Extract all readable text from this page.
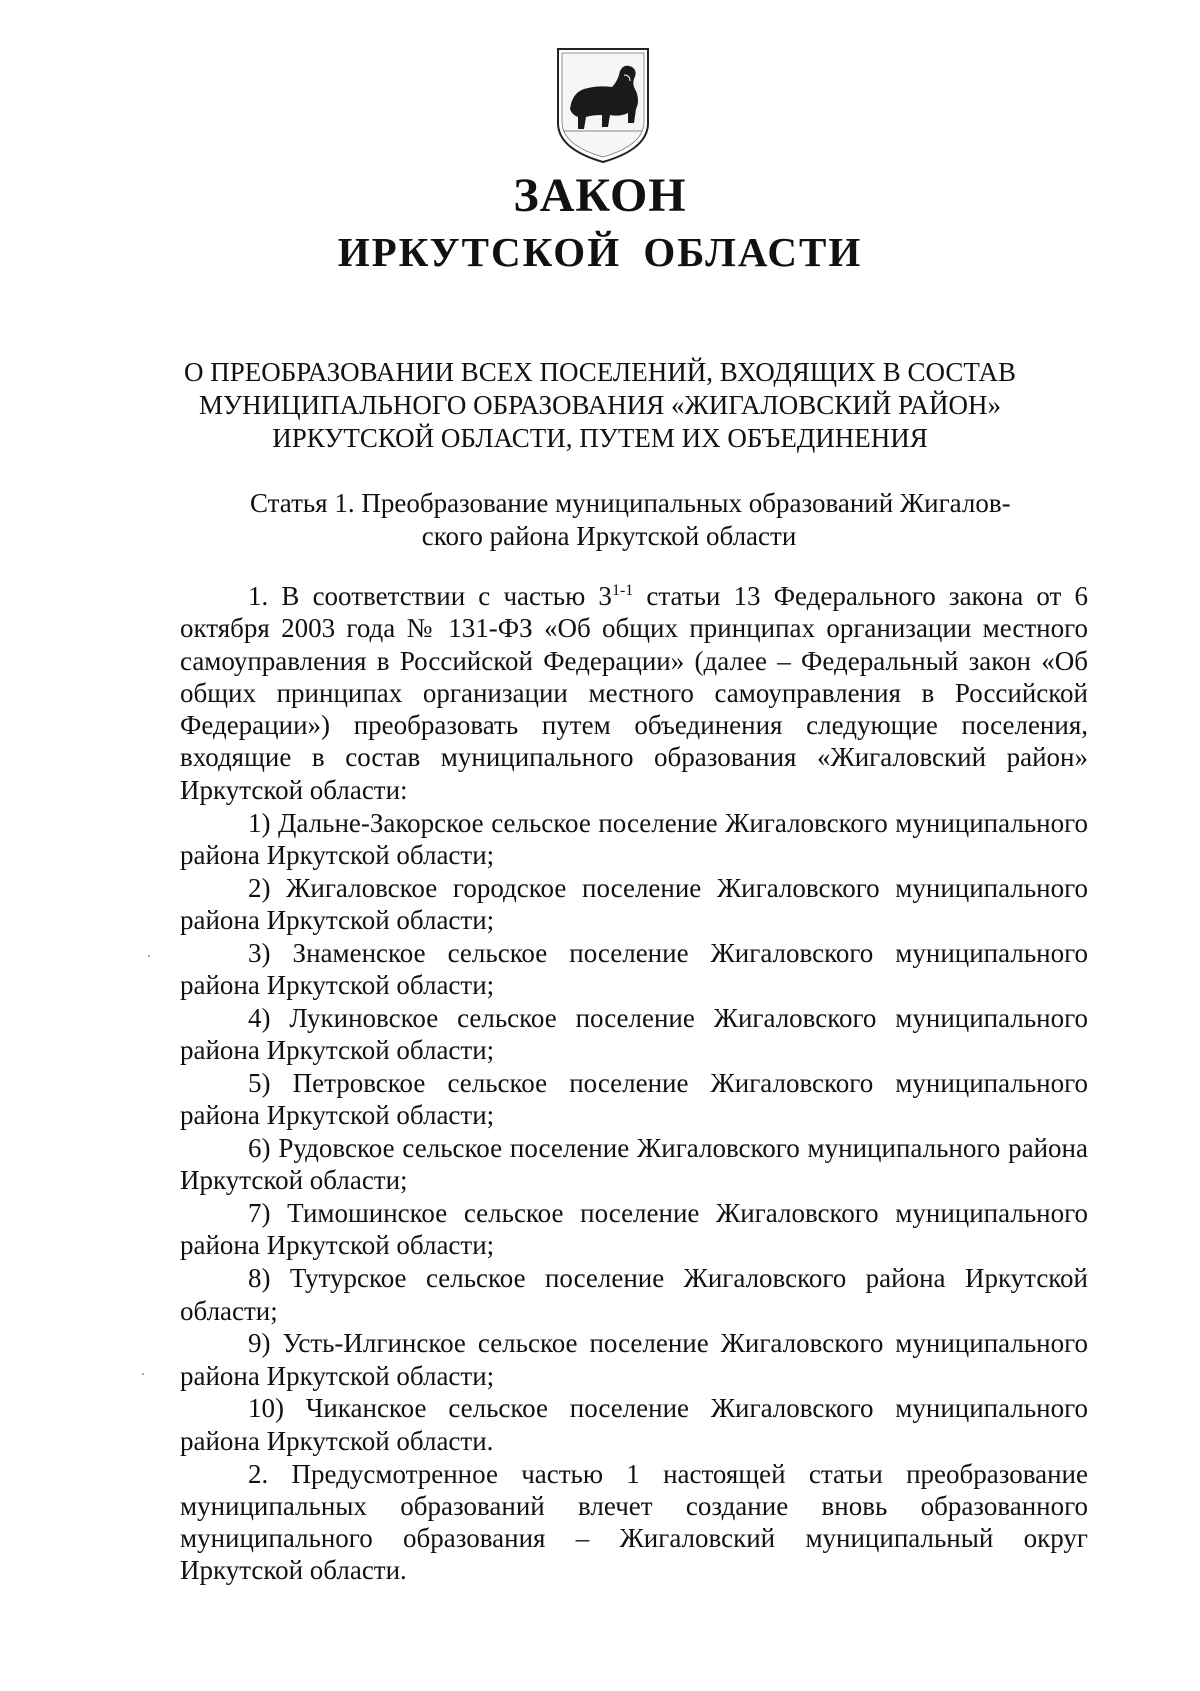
ЗАКОН
ИРКУТСКОЙ ОБЛАСТИ
О ПРЕОБРАЗОВАНИИ ВСЕХ ПОСЕЛЕНИЙ, ВХОДЯЩИХ В СОСТАВ
МУНИЦИПАЛЬНОГО ОБРАЗОВАНИЯ «ЖИГАЛОВСКИЙ РАЙОН»
ИРКУТСКОЙ ОБЛАСТИ, ПУТЕМ ИХ ОБЪЕДИНЕНИЯ
Статья 1. Преобразование муниципальных образований Жигалов-
ского района Иркутской области

1. В соответствии с частью 3$^{1-1}$ статьи 13 Федерального закона от 6 октября 2003 года № 131-ФЗ «Об общих принципах организации местного самоуправления в Российской Федерации» (далее – Федеральный закон «Об общих принципах организации местного самоуправления в Российской Федерации») преобразовать путем объединения следующие поселения, входящие в состав муниципального образования «Жигаловский район» Иркутской области:

1) Дальне-Закорское сельское поселение Жигаловского муниципального района Иркутской области;

2) Жигаловское городское поселение Жигаловского муниципального района Иркутской области;

3) Знаменское сельское поселение Жигаловского муниципального района Иркутской области;

4) Лукиновское сельское поселение Жигаловского муниципального района Иркутской области;

5) Петровское сельское поселение Жигаловского муниципального района Иркутской области;

6) Рудовское сельское поселение Жигаловского муниципального района Иркутской области;

7) Тимошинское сельское поселение Жигаловского муниципального района Иркутской области;

8) Тутурское сельское поселение Жигаловского района Иркутской области;

9) Усть-Илгинское сельское поселение Жигаловского муниципального района Иркутской области;

10) Чиканское сельское поселение Жигаловского муниципального района Иркутской области.

2. Предусмотренное частью 1 настоящей статьи преобразование муниципальных образований влечет создание вновь образованного муниципального образования – Жигаловский муниципальный округ Иркутской области.
